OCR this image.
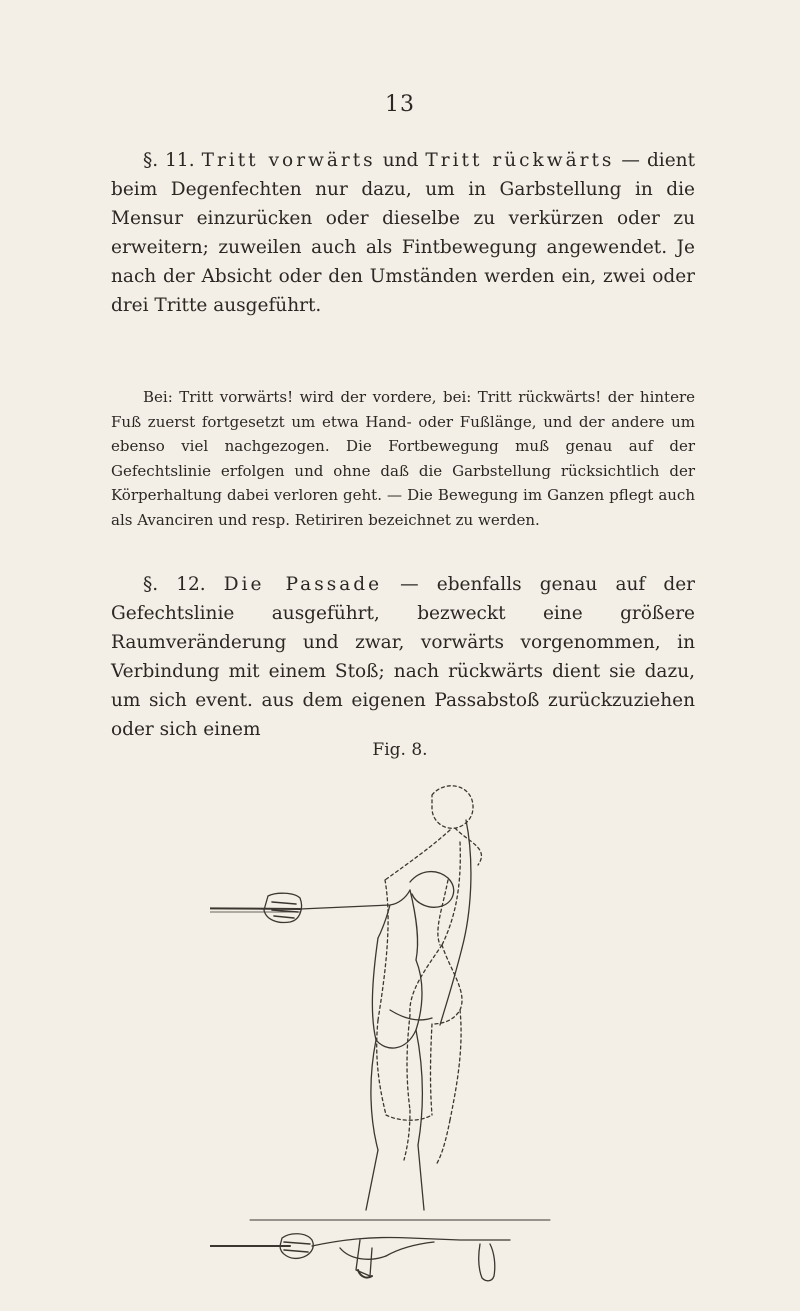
13

§. 11. Tritt vorwärts und Tritt rückwärts — dient beim Degenfechten nur dazu, um in Garbstellung in die Mensur einzurücken oder dieselbe zu verkürzen oder zu erweitern; zuweilen auch als Fintbewegung angewendet. Je nach der Absicht oder den Umständen werden ein, zwei oder drei Tritte ausgeführt.

Bei: Tritt vorwärts! wird der vordere, bei: Tritt rückwärts! der hintere Fuß zuerst fortgesetzt um etwa Hand- oder Fußlänge, und der andere um ebenso viel nachgezogen. Die Fortbewegung muß genau auf der Gefechtslinie erfolgen und ohne daß die Garbstellung rücksichtlich der Körperhaltung dabei verloren geht. — Die Bewegung im Ganzen pflegt auch als Avanciren und resp. Retiriren bezeichnet zu werden.

§. 12. Die Passade — ebenfalls genau auf der Gefechtslinie ausgeführt, bezweckt eine größere Raumveränderung und zwar, vorwärts vorgenommen, in Verbindung mit einem Stoß; nach rückwärts dient sie dazu, um sich event. aus dem eigenen Passabstoß zurückzuziehen oder sich einem

Fig. 8.
